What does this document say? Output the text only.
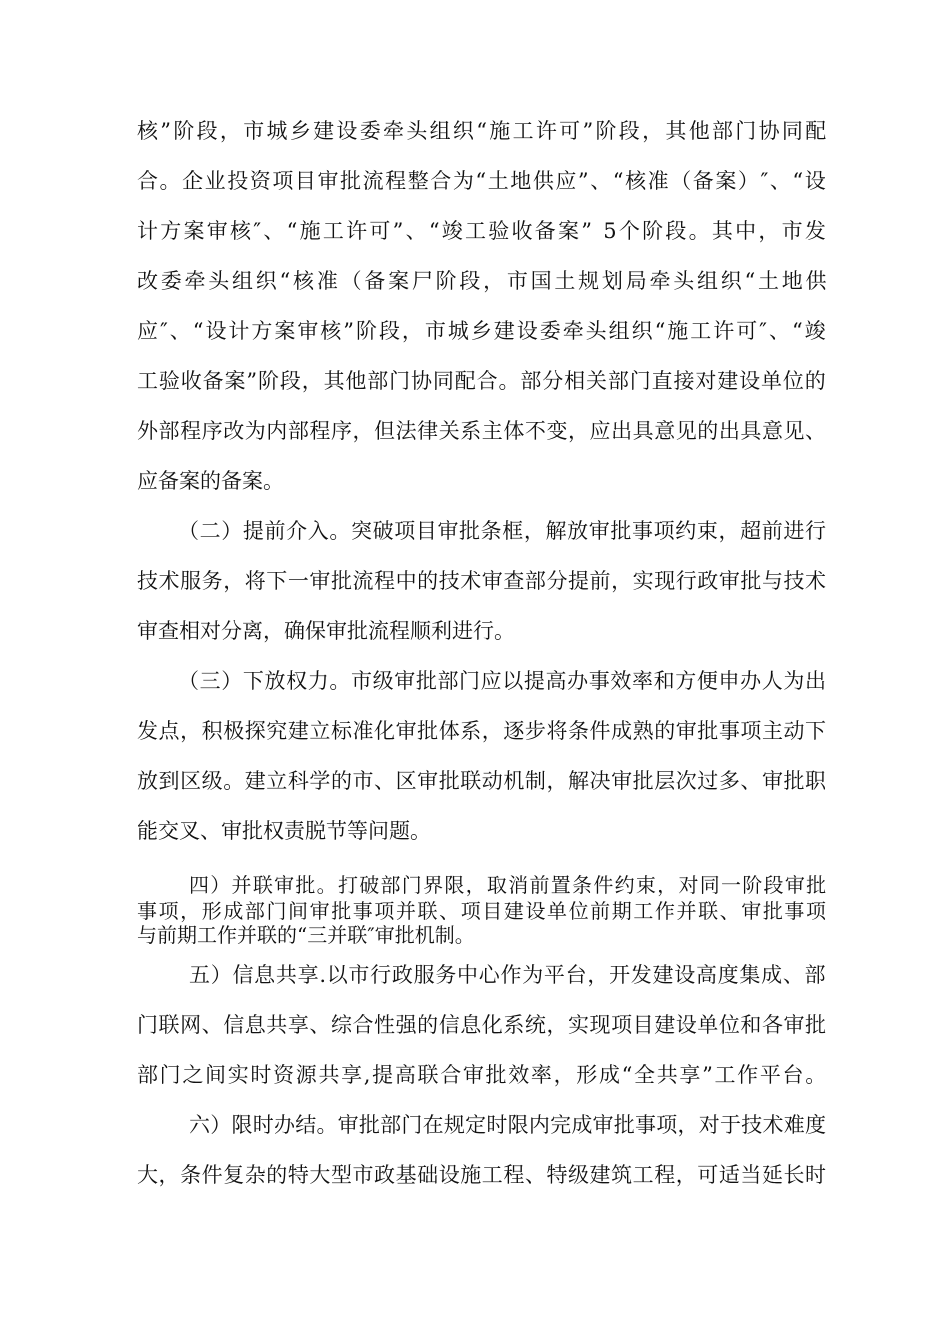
核”阶段，市城乡建设委牵头组织“施工许可”阶段，其他部门协同配
合。企业投资项目审批流程整合为“土地供应”、“核准（备案）″、“设
计方案审核″、“施工许可”、“竣工验收备案” 5个阶段。其中，市发
改委牵头组织“核准（备案尸阶段，市国土规划局牵头组织“土地供
应″、“设计方案审核”阶段，市城乡建设委牵头组织“施工许可″、“竣
工验收备案”阶段，其他部门协同配合。部分相关部门直接对建设单位的
外部程序改为内部程序，但法律关系主体不变，应出具意见的出具意见、
应备案的备案。
（二）提前介入。突破项目审批条框，解放审批事项约束，超前进行
技术服务，将下一审批流程中的技术审查部分提前，实现行政审批与技术
审查相对分离，确保审批流程顺利进行。
（三）下放权力。市级审批部门应以提高办事效率和方便申办人为出
发点，积极探究建立标准化审批体系，逐步将条件成熟的审批事项主动下
放到区级。建立科学的市、区审批联动机制，解决审批层次过多、审批职
能交叉、审批权责脱节等问题。
四）并联审批。打破部门界限，取消前置条件约束，对同一阶段审批
事项，形成部门间审批事项并联、项目建设单位前期工作并联、审批事项
与前期工作并联的“三并联″审批机制。
五）信息共享.以市行政服务中心作为平台，开发建设高度集成、部
门联网、信息共享、综合性强的信息化系统，实现项目建设单位和各审批
部门之间实时资源共享,提高联合审批效率，形成“全共享”工作平台。
六）限时办结。审批部门在规定时限内完成审批事项，对于技术难度
大，条件复杂的特大型市政基础设施工程、特级建筑工程，可适当延长时
